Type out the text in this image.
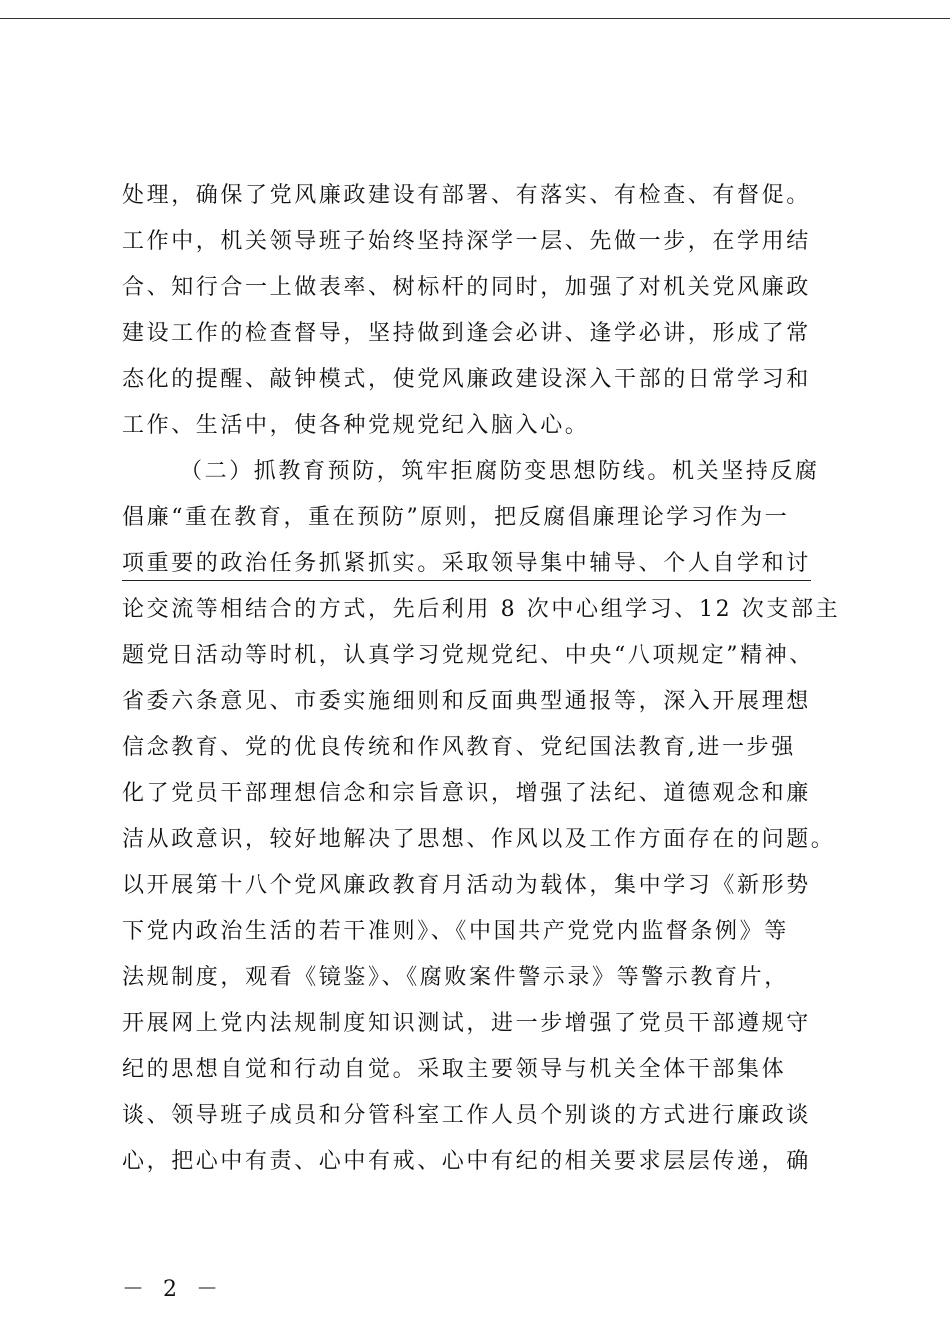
处理，确保了党风廉政建设有部署、有落实、有检查、有督促。
工作中，机关领导班子始终坚持深学一层、先做一步，在学用结
合、知行合一上做表率、树标杆的同时，加强了对机关党风廉政
建设工作的检查督导，坚持做到逢会必讲、逢学必讲，形成了常
态化的提醒、敲钟模式，使党风廉政建设深入干部的日常学习和
工作、生活中，使各种党规党纪入脑入心。
（二）抓教育预防，筑牢拒腐防变思想防线。机关坚持反腐
倡廉“重在教育，重在预防”原则，把反腐倡廉理论学习作为一
项重要的政治任务抓紧抓实。采取领导集中辅导、个人自学和讨
论交流等相结合的方式，先后利用 8 次中心组学习、12 次支部主
题党日活动等时机，认真学习党规党纪、中央“八项规定”精神、
省委六条意见、市委实施细则和反面典型通报等，深入开展理想
信念教育、党的优良传统和作风教育、党纪国法教育,进一步强
化了党员干部理想信念和宗旨意识，增强了法纪、道德观念和廉
洁从政意识，较好地解决了思想、作风以及工作方面存在的问题。
以开展第十八个党风廉政教育月活动为载体，集中学习《新形势
下党内政治生活的若干准则》、《中国共产党党内监督条例》等
法规制度，观看《镜鉴》、《腐败案件警示录》等警示教育片，
开展网上党内法规制度知识测试，进一步增强了党员干部遵规守
纪的思想自觉和行动自觉。采取主要领导与机关全体干部集体
谈、领导班子成员和分管科室工作人员个别谈的方式进行廉政谈
心，把心中有责、心中有戒、心中有纪的相关要求层层传递，确
－ 2 －
